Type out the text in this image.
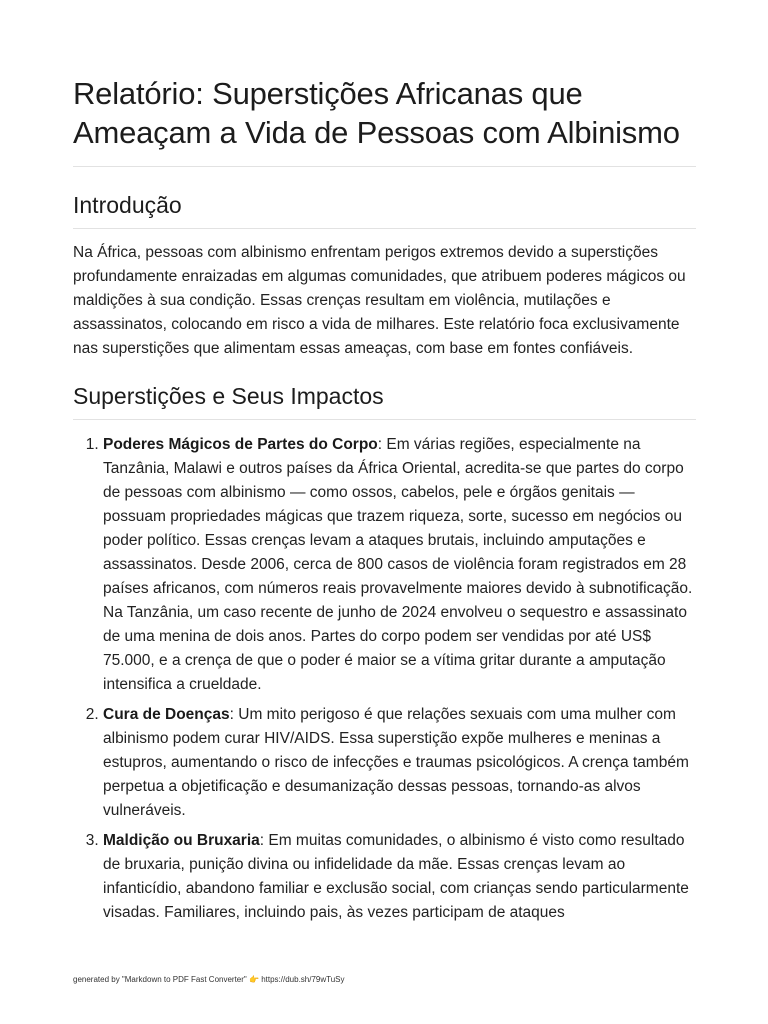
Relatório: Superstições Africanas que Ameaçam a Vida de Pessoas com Albinismo
Introdução

Na África, pessoas com albinismo enfrentam perigos extremos devido a superstições profundamente enraizadas em algumas comunidades, que atribuem poderes mágicos ou maldições à sua condição. Essas crenças resultam em violência, mutilações e assassinatos, colocando em risco a vida de milhares. Este relatório foca exclusivamente nas superstições que alimentam essas ameaças, com base em fontes confiáveis.

Superstições e Seus Impactos
1. Poderes Mágicos de Partes do Corpo: Em várias regiões, especialmente na Tanzânia, Malawi e outros países da África Oriental, acredita-se que partes do corpo de pessoas com albinismo — como ossos, cabelos, pele e órgãos genitais — possuam propriedades mágicas que trazem riqueza, sorte, sucesso em negócios ou poder político. Essas crenças levam a ataques brutais, incluindo amputações e assassinatos. Desde 2006, cerca de 800 casos de violência foram registrados em 28 países africanos, com números reais provavelmente maiores devido à subnotificação. Na Tanzânia, um caso recente de junho de 2024 envolveu o sequestro e assassinato de uma menina de dois anos. Partes do corpo podem ser vendidas por até US$ 75.000, e a crença de que o poder é maior se a vítima gritar durante a amputação intensifica a crueldade.
2. Cura de Doenças: Um mito perigoso é que relações sexuais com uma mulher com albinismo podem curar HIV/AIDS. Essa superstição expõe mulheres e meninas a estupros, aumentando o risco de infecções e traumas psicológicos. A crença também perpetua a objetificação e desumanização dessas pessoas, tornando-as alvos vulneráveis.
3. Maldição ou Bruxaria: Em muitas comunidades, o albinismo é visto como resultado de bruxaria, punição divina ou infidelidade da mãe. Essas crenças levam ao infanticídio, abandono familiar e exclusão social, com crianças sendo particularmente visadas. Familiares, incluindo pais, às vezes participam de ataques
generated by "Markdown to PDF Fast Converter" 👉 https://dub.sh/79wTuSy
